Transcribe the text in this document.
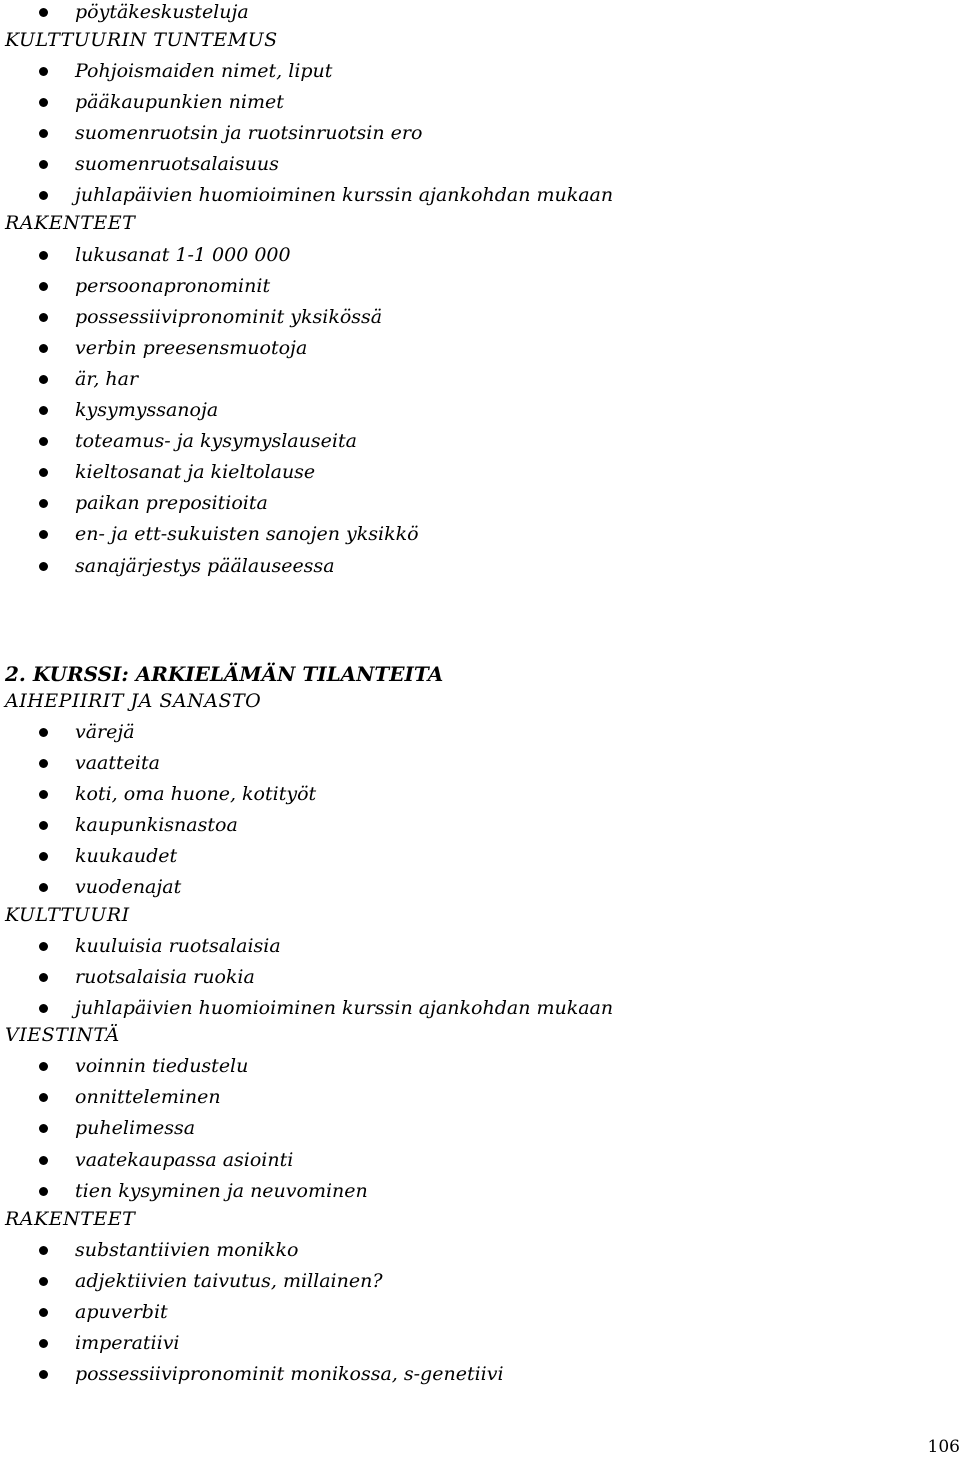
pöytäkeskusteluja
KULTTUURIN TUNTEMUS
Pohjoismaiden nimet, liput
pääkaupunkien nimet
suomenruotsin ja ruotsinruotsin ero
suomenruotsalaisuus
juhlapäivien huomioiminen kurssin ajankohdan mukaan
RAKENTEET
lukusanat 1-1 000 000
persoonapronominit
possessiivipronominit yksikössä
verbin preesensmuotoja
är, har
kysymyssanoja
toteamus- ja kysymyslauseita
kieltosanat ja kieltolause
paikan prepositioita
en- ja ett-sukuisten sanojen yksikkö
sanajärjestys päälauseessa
2. KURSSI: ARKIELÄMÄN TILANTEITA
AIHEPIIRIT JA SANASTO
värejä
vaatteita
koti, oma huone, kotityöt
kaupunkisnastoa
kuukaudet
vuodenajat
KULTTUURI
kuuluisia ruotsalaisia
ruotsalaisia ruokia
juhlapäivien huomioiminen kurssin ajankohdan mukaan
VIESTINTÄ
voinnin tiedustelu
onnitteleminen
puhelimessa
vaatekaupassa asiointi
tien kysyminen ja neuvominen
RAKENTEET
substantiivien monikko
adjektiivien taivutus, millainen?
apuverbit
imperatiivi
possessiivipronominit monikossa, s-genetiivi
106
